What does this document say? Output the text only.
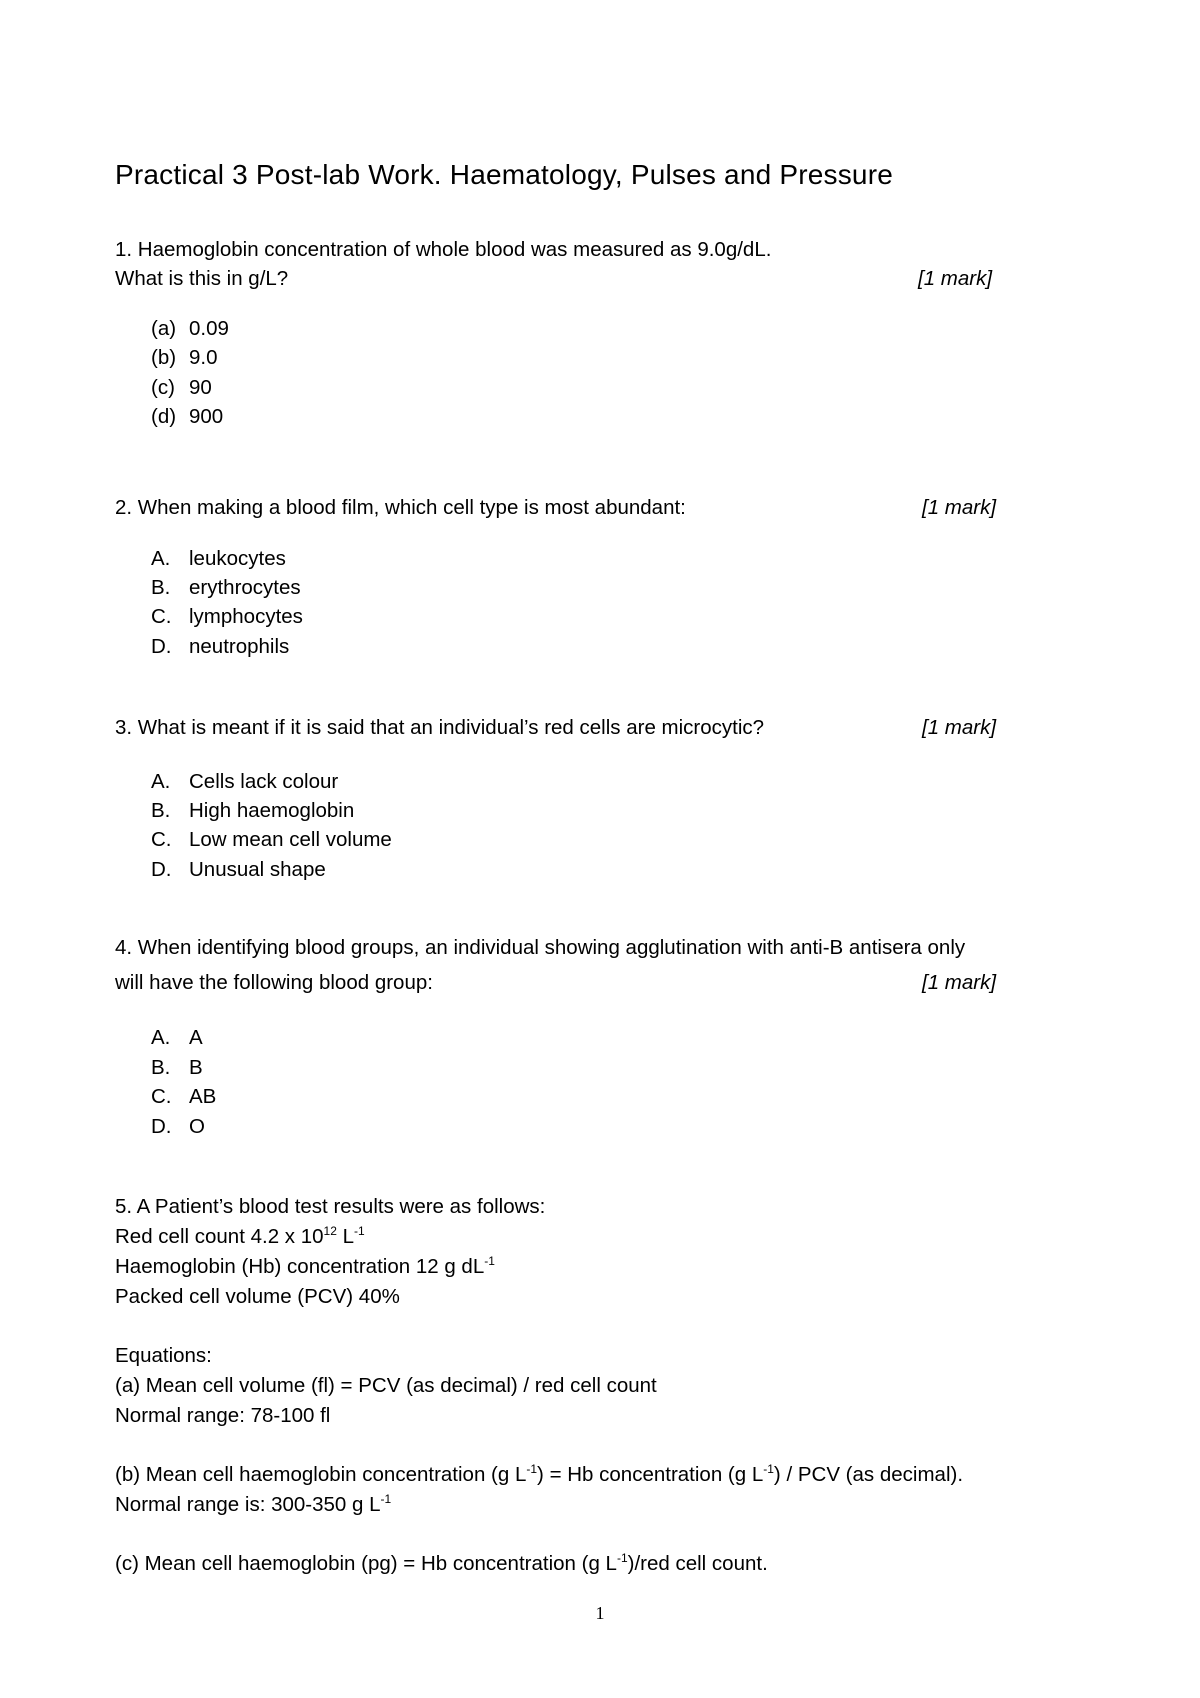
Practical 3 Post-lab Work. Haematology, Pulses and Pressure
1. Haemoglobin concentration of whole blood was measured as 9.0g/dL.
What is this in g/L?	[1 mark]
(a) 0.09
(b) 9.0
(c) 90
(d) 900
2. When making a blood film, which cell type is most abundant:	[1 mark]
A. leukocytes
B. erythrocytes
C. lymphocytes
D. neutrophils
3. What is meant if it is said that an individual’s red cells are microcytic?	[1 mark]
A. Cells lack colour
B. High haemoglobin
C. Low mean cell volume
D. Unusual shape
4. When identifying blood groups, an individual showing agglutination with anti-B antisera only
will have the following blood group:	[1 mark]
A. A
B. B
C. AB
D. O
5. A Patient’s blood test results were as follows:
Red cell count 4.2 x $10^{12}$ $L^{-1}$
Haemoglobin (Hb) concentration 12 g $dL^{-1}$
Packed cell volume (PCV) 40%
Equations:
(a) Mean cell volume (fl) = PCV (as decimal) / red cell count
Normal range: 78-100 fl
(b) Mean cell haemoglobin concentration (g $L^{-1}) = Hb$ concentration (g $L^{-1}$) / PCV (as decimal).
Normal range is: 300-350 g $L^{-1}$
(c) Mean cell haemoglobin (pg) = Hb concentration (g $L^{-1}$)/red cell count.
1
